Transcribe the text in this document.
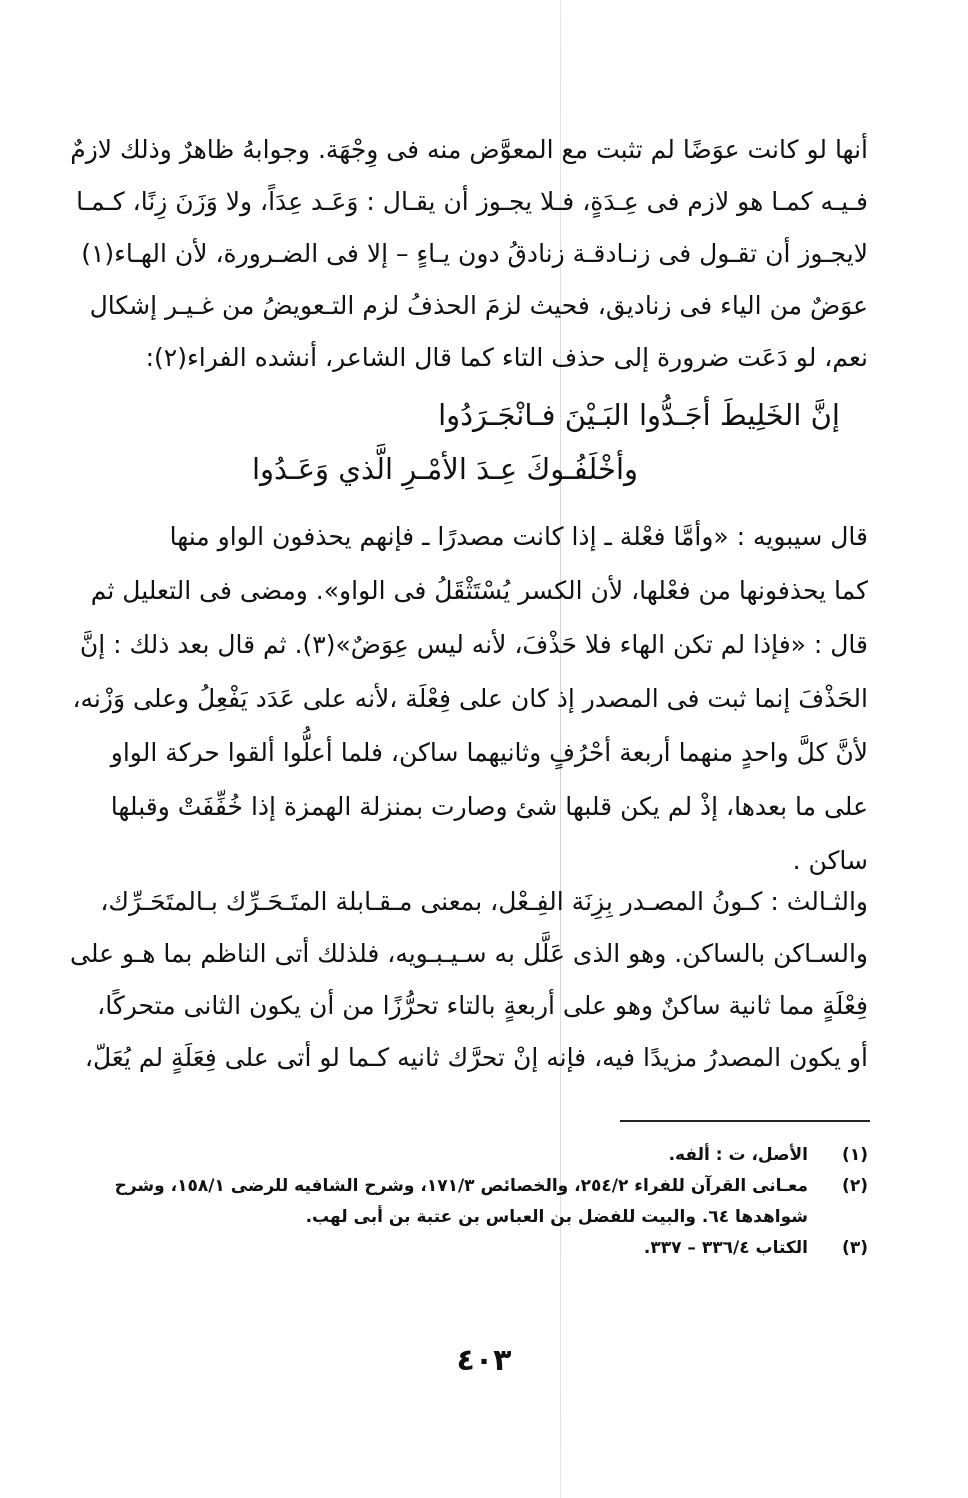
أنها لو كانت عوَضًا لم تثبت مع المعوَّض منه فى وِجْهَة. وجوابهُ ظاهرٌ وذلك لازمٌ
فـيـه كمـا هو لازم فى عِـدَةٍ، فـلا يجـوز أن يقـال : وَعَـد عِدَاً، ولا وَزَنَ زِنًا، كـمـا
لايجـوز أن تقـول فى زنـادقـة زنادقُ دون يـاءٍ – إلا فى الضـرورة، لأن الهـاء(١)
عوَضٌ من الياء فى زناديق، فحيث لزمَ الحذفُ لزم التـعويضُ من غـيـر إشكال
نعم، لو دَعَت ضرورة إلى حذف التاء كما قال الشاعر، أنشده الفراء(٢):
إنَّ الخَلِيطَ أجَـدُّوا البَـيْنَ فـانْجَـرَدُوا
وأخْلَفُـوكَ عِـدَ الأمْـرِ الَّذي وَعَـدُوا
قال سيبويه : «وأمَّا فعْلة ـ إذا كانت مصدرًا ـ فإنهم يحذفون الواو منها
كما يحذفونها من فعْلها، لأن الكسر يُسْتَثْقَلُ فى الواو». ومضى فى التعليل ثم
قال : «فإذا لم تكن الهاء فلا حَذْفَ، لأنه ليس عِوَضٌ»(٣). ثم قال بعد ذلك : إنَّ
الحَذْفَ إنما ثبت فى المصدر إذ كان على فِعْلَة ،لأنه على عَدَد يَفْعِلُ وعلى وَزْنه،
لأنَّ كلَّ واحدٍ منهما أربعة أحْرُفٍ وثانيهما ساكن، فلما أعلُّوا ألقوا حركة الواو
على ما بعدها، إذْ لم يكن قلبها شئ وصارت بمنزلة الهمزة إذا خُفِّفَتْ وقبلها
ساكن .
والثـالث : كـونُ المصـدر بِزِنَة الفِـعْل، بمعنى مـقـابلة المتَـحَـرِّك بـالمتَحَـرِّك،
والسـاكن بالساكن. وهو الذى عَلَّل به سـيـبـويه، فلذلك أتى الناظم بما هـو على
فِعْلَةٍ مما ثانية ساكنٌ وهو على أربعةٍ بالتاء تحرُّزًا من أن يكون الثانى متحركًا،
أو يكون المصدرُ مزيدًا فيه، فإنه إنْ تحرَّك ثانيه كـما لو أتى على فِعَلَةٍ لم يُعَلّ،
(١)
الأصل، ت : ألفه.
(٢)
معـانى القرآن للفراء ٢٥٤/٢، والخصائص ١٧١/٣، وشرح الشافيه للرضى ١٥٨/١، وشرح
شواهدها ٦٤. والبيت للفضل بن العباس بن عتبة بن أبى لهب.
(٣)
الكتاب ٣٣٦/٤ – ٣٣٧.
٤٠٣
